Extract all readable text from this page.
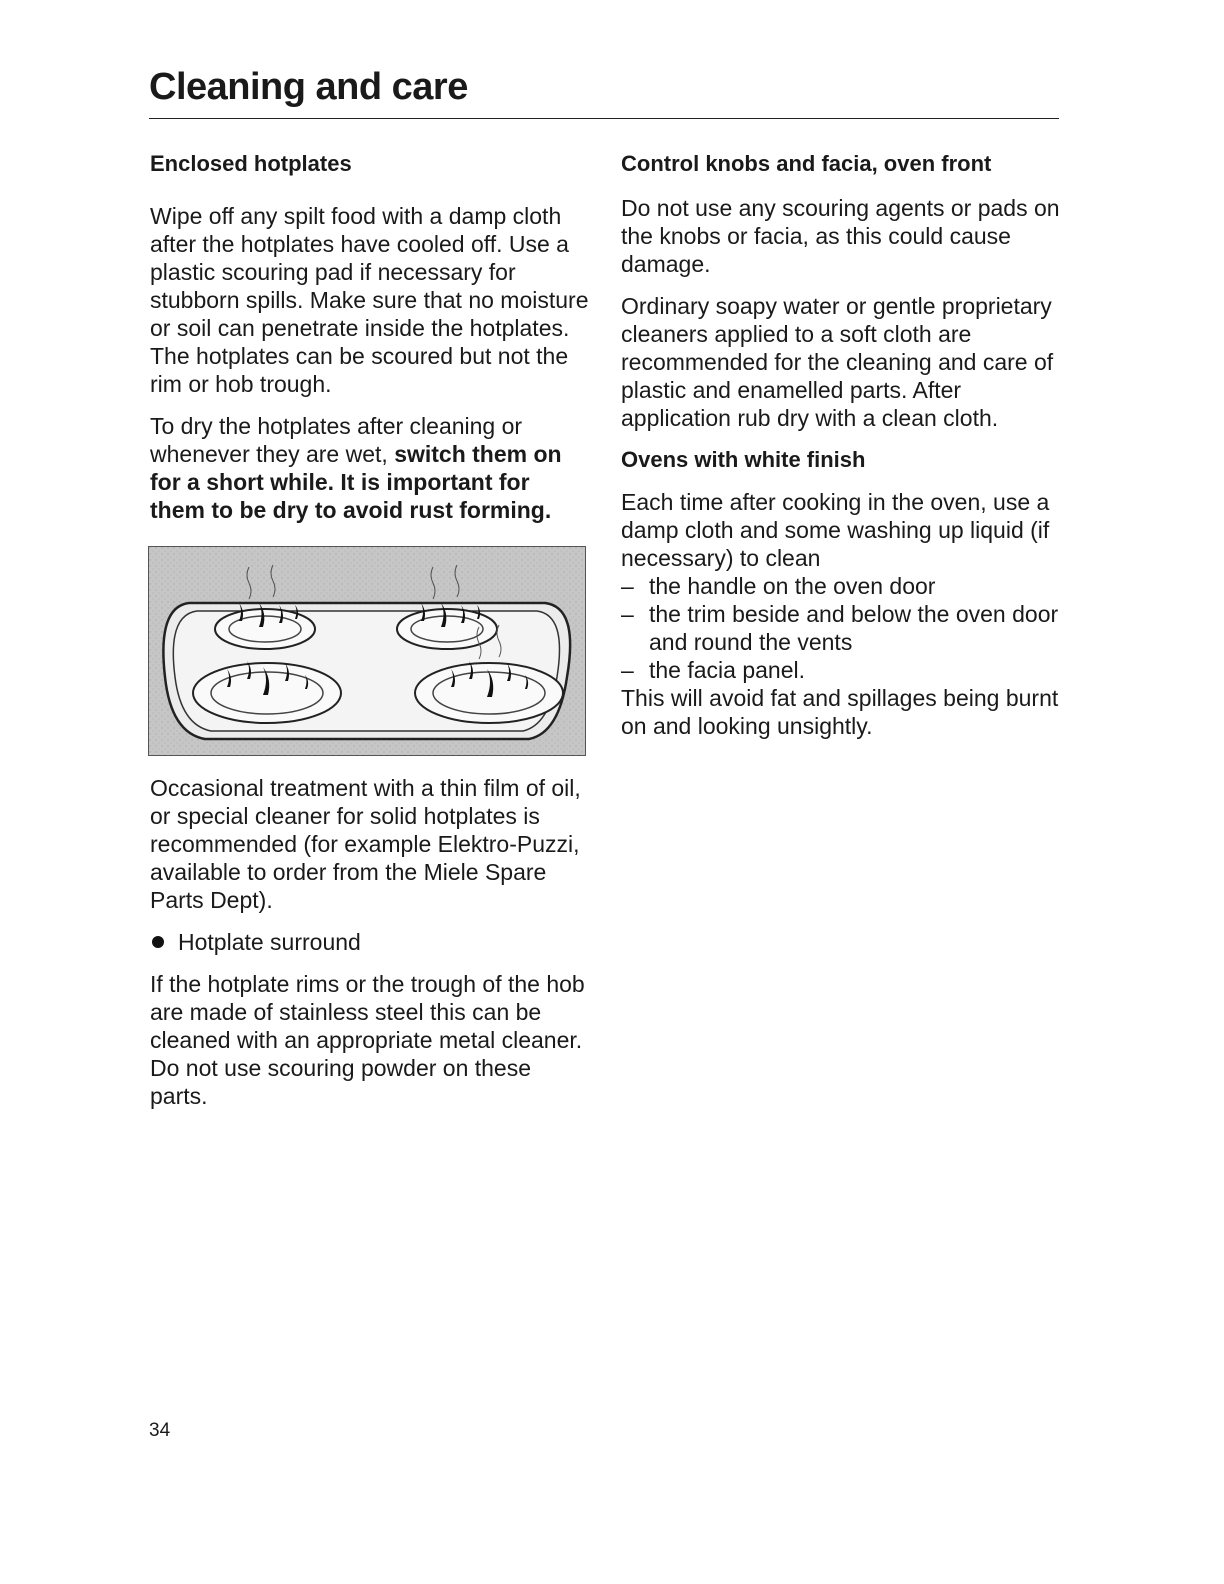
Cleaning and care
Enclosed hotplates

Wipe off any spilt food with a damp cloth after the hotplates have cooled off. Use a plastic scouring pad if necessary for stubborn spills. Make sure that no moisture or soil can penetrate inside the hotplates. The hotplates can be scoured but not the rim or hob trough.

To dry the hotplates after cleaning or whenever they are wet, switch them on for a short while. It is important for them to be dry to avoid rust forming.

Occasional treatment with a thin film of oil, or special cleaner for solid hotplates is recommended (for example Elektro-Puzzi, available to order from the Miele Spare Parts Dept).

Hotplate surround

If the hotplate rims or the trough of the hob are made of stainless steel this can be cleaned with an appropriate metal cleaner. Do not use scouring powder on these parts.

Control knobs and facia, oven front

Do not use any scouring agents or pads on the knobs or facia, as this could cause damage.

Ordinary soapy water or gentle proprietary cleaners applied to a soft cloth are recommended for the cleaning and care of plastic and enamelled parts. After application rub dry with a clean cloth.

Ovens with white finish

Each time after cooking in the oven, use a damp cloth and some washing up liquid (if necessary) to clean

– the handle on the oven door
– the trim beside and below the oven door and round the vents
– the facia panel.

This will avoid fat and spillages being burnt on and looking unsightly.

34
